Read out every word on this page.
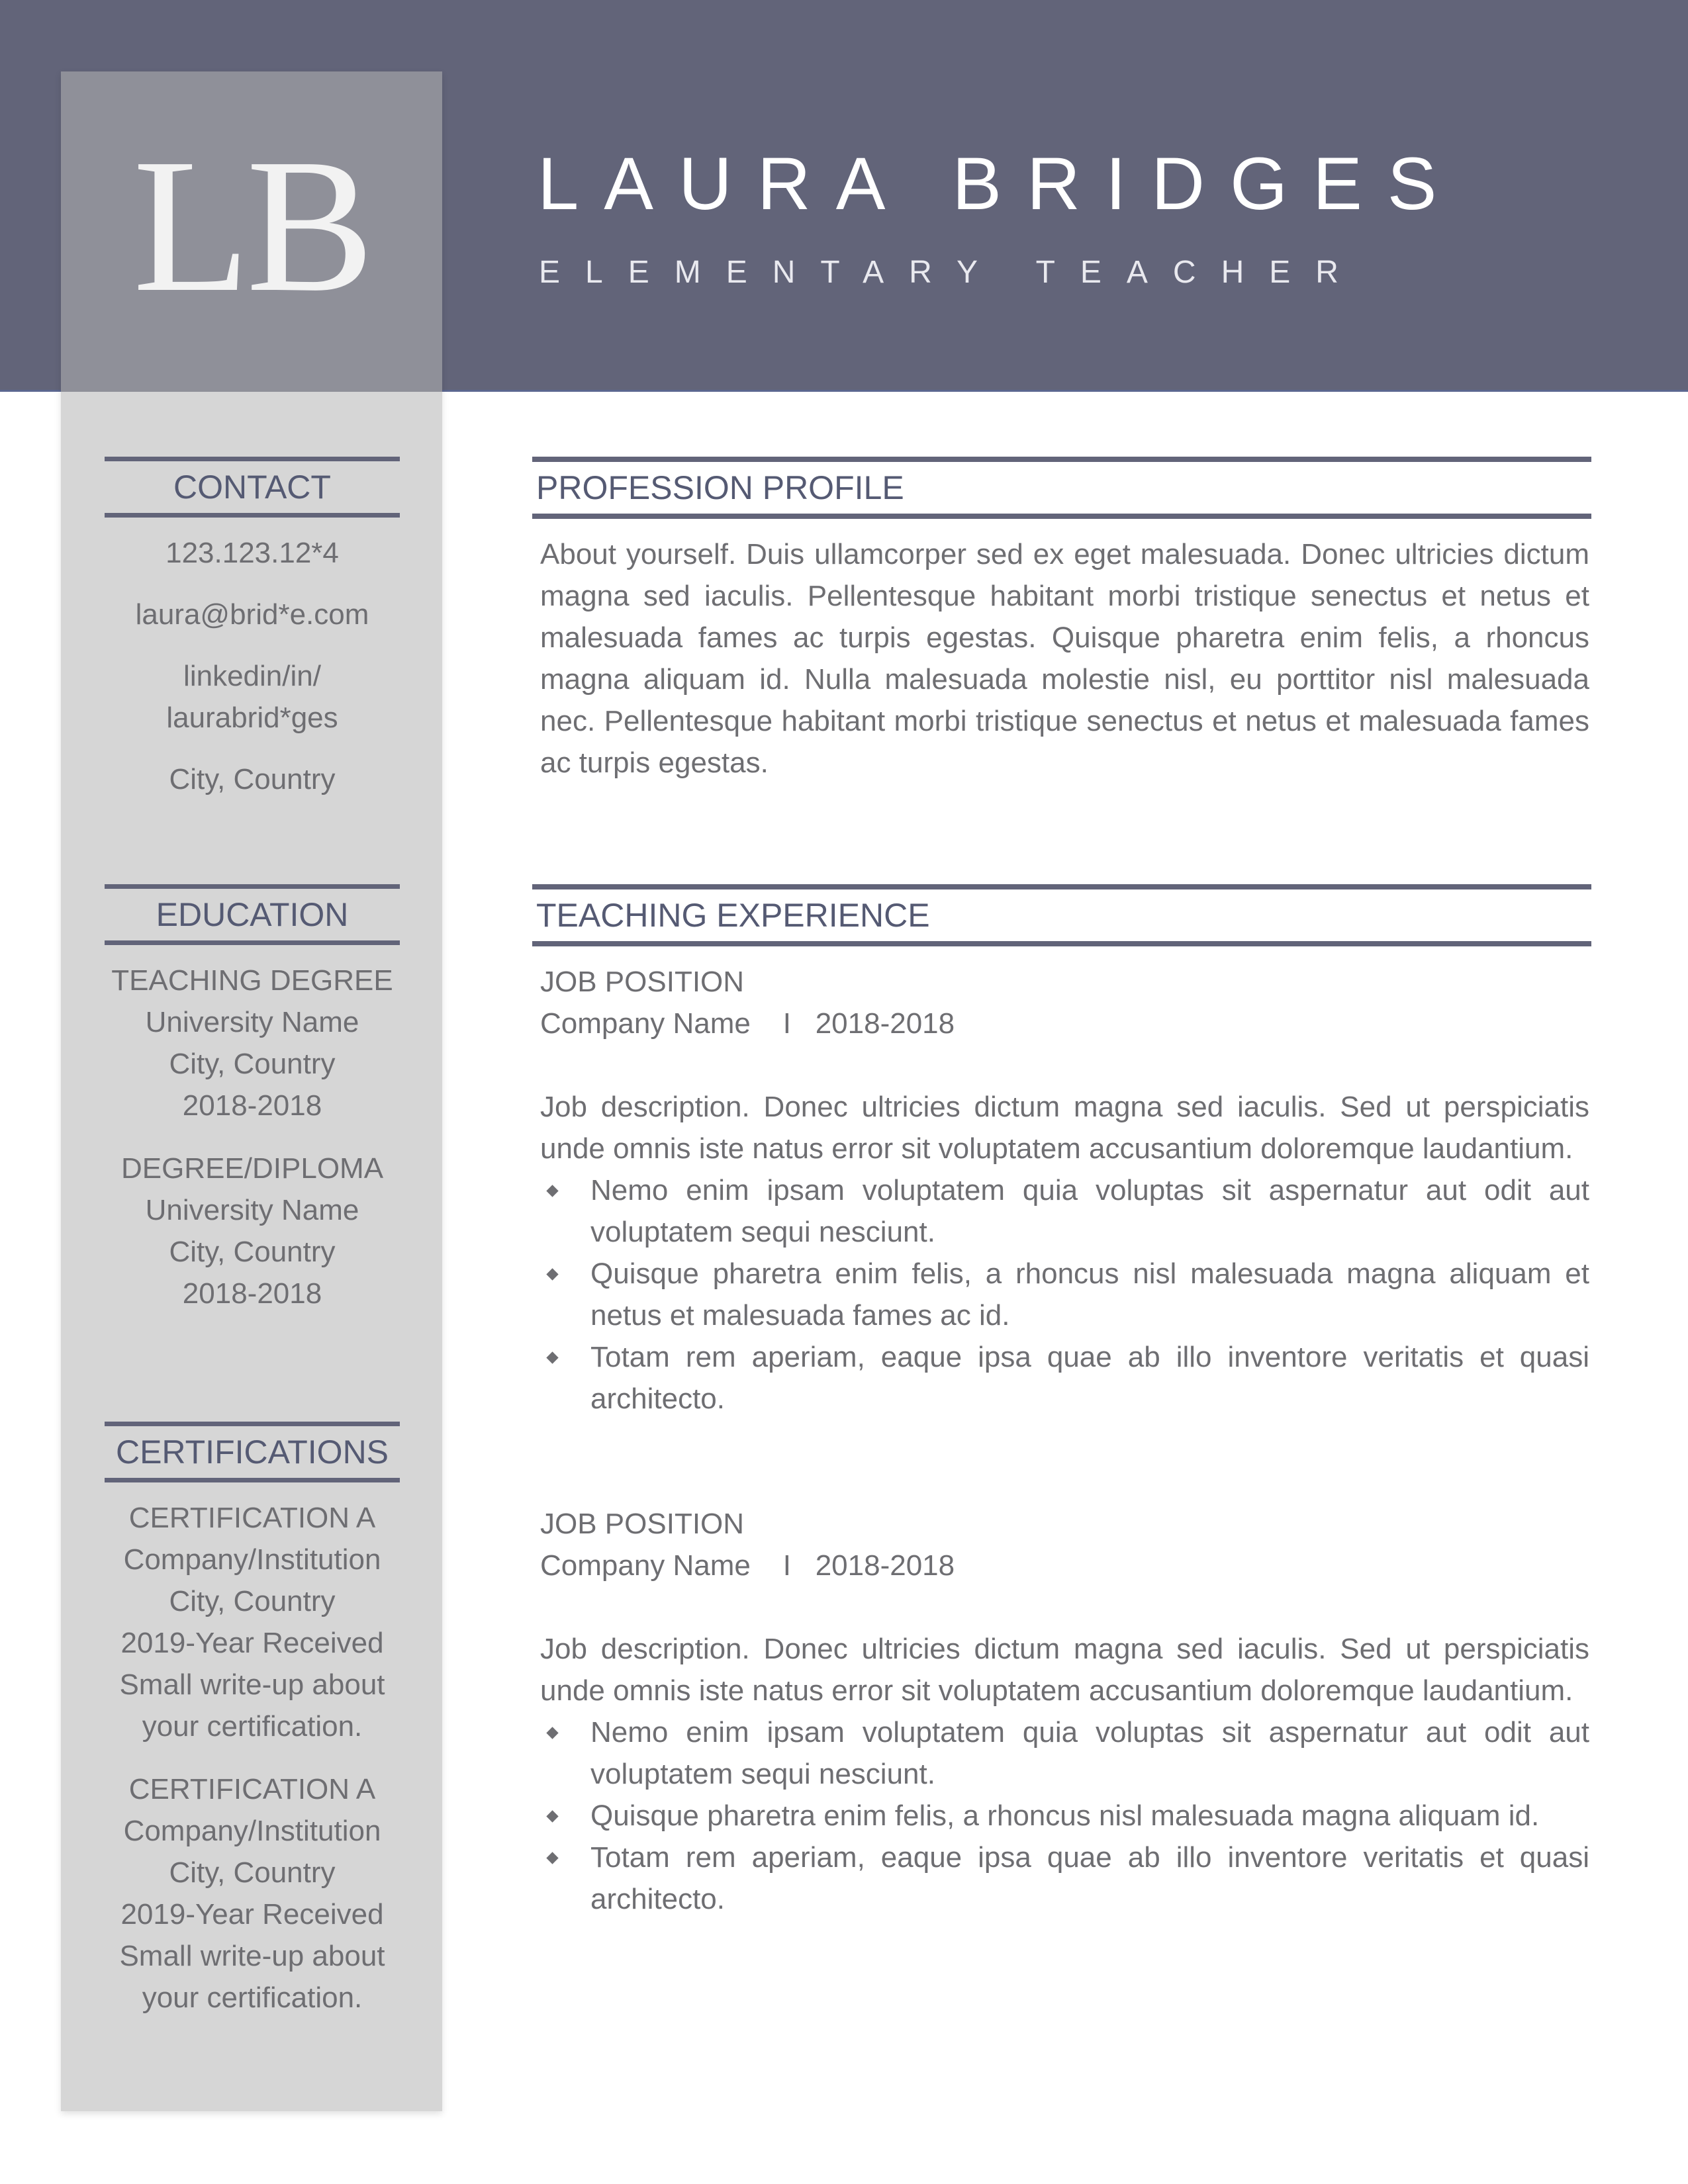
LB LAURA BRIDGES
ELEMENTARY TEACHER
CONTACT
123.123.12*4
laura@brid*e.com
linkedin/in/
laurabrid*ges
City, Country
EDUCATION
TEACHING DEGREE
University Name
City, Country
2018-2018
DEGREE/DIPLOMA
University Name
City, Country
2018-2018
CERTIFICATIONS
CERTIFICATION A
Company/Institution
City, Country
2019-Year Received
Small write-up about
your certification.
CERTIFICATION A
Company/Institution
City, Country
2019-Year Received
Small write-up about
your certification.
PROFESSION PROFILE
About yourself. Duis ullamcorper sed ex eget malesuada. Donec ultricies dictum magna sed iaculis. Pellentesque habitant morbi tristique senectus et netus et malesuada fames ac turpis egestas. Quisque pharetra enim felis, a rhoncus magna aliquam id. Nulla malesuada molestie nisl, eu porttitor nisl malesuada nec. Pellentesque habitant morbi tristique senectus et netus et malesuada fames ac turpis egestas.
TEACHING EXPERIENCE
JOB POSITION
Company Name    I   2018-2018
Job description. Donec ultricies dictum magna sed iaculis. Sed ut perspiciatis unde omnis iste natus error sit voluptatem accusantium doloremque laudantium.
Nemo enim ipsam voluptatem quia voluptas sit aspernatur aut odit aut voluptatem sequi nesciunt.
Quisque pharetra enim felis, a rhoncus nisl malesuada magna aliquam et netus et malesuada fames ac id.
Totam rem aperiam, eaque ipsa quae ab illo inventore veritatis et quasi architecto.
JOB POSITION
Company Name    I   2018-2018
Job description. Donec ultricies dictum magna sed iaculis. Sed ut perspiciatis unde omnis iste natus error sit voluptatem accusantium doloremque laudantium.
Nemo enim ipsam voluptatem quia voluptas sit aspernatur aut odit aut voluptatem sequi nesciunt.
Quisque pharetra enim felis, a rhoncus nisl malesuada magna aliquam id.
Totam rem aperiam, eaque ipsa quae ab illo inventore veritatis et quasi architecto.
